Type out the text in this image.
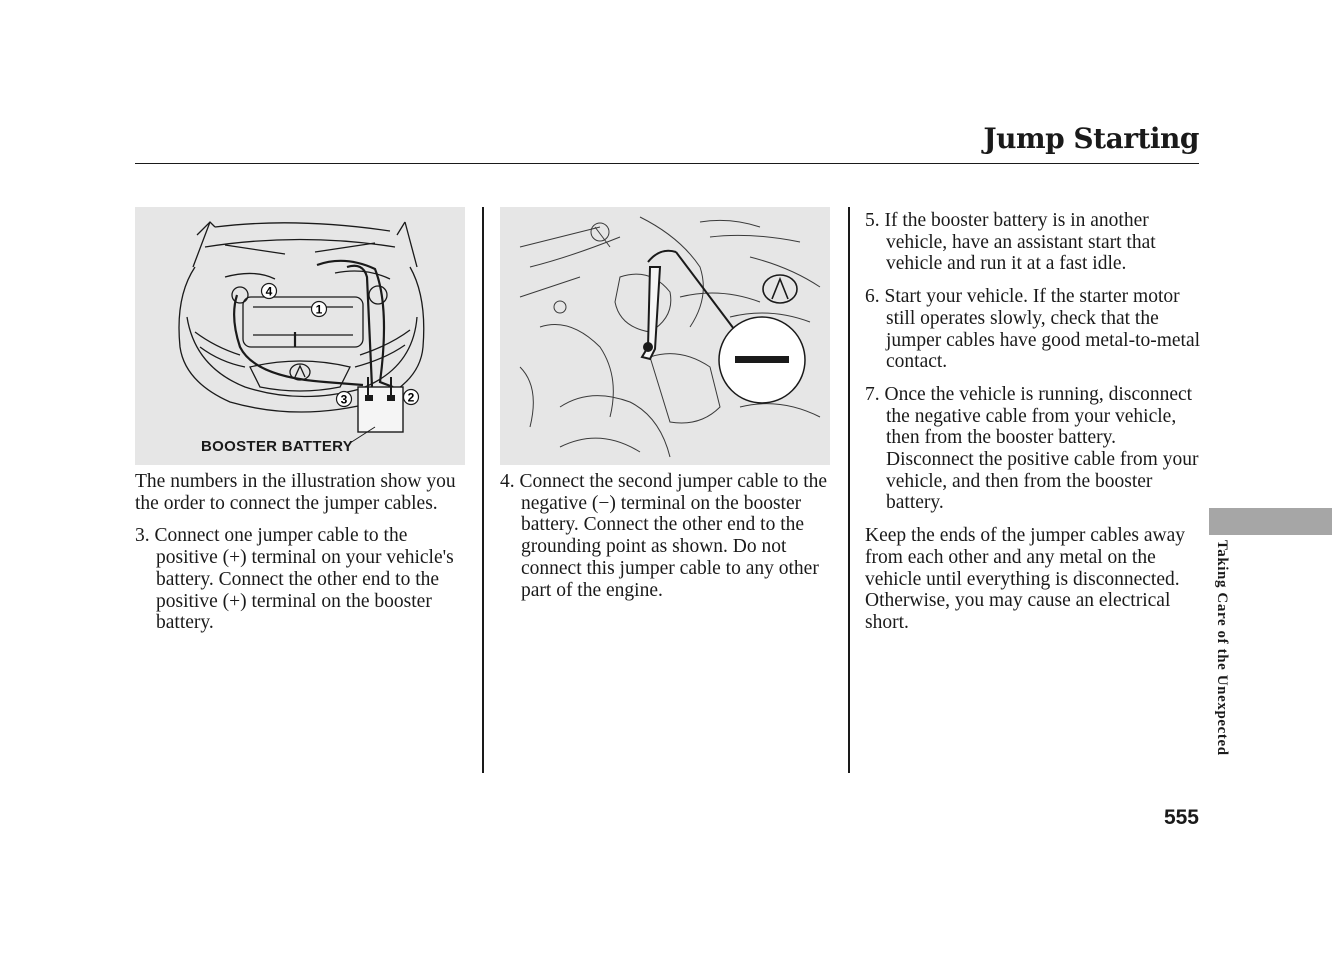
Jump Starting
1
2
3
4
BOOSTER BATTERY

The numbers in the illustration show you the order to connect the jumper cables.

3. Connect one jumper cable to the positive (+) terminal on your vehicle's battery. Connect the other end to the positive (+) terminal on the booster battery.

4. Connect the second jumper cable to the negative (−) terminal on the booster battery. Connect the other end to the grounding point as shown. Do not connect this jumper cable to any other part of the engine.

5. If the booster battery is in another vehicle, have an assistant start that vehicle and run it at a fast idle.

6. Start your vehicle. If the starter motor still operates slowly, check that the jumper cables have good metal-to-metal contact.

7. Once the vehicle is running, disconnect the negative cable from your vehicle, then from the booster battery. Disconnect the positive cable from your vehicle, and then from the booster battery.

Keep the ends of the jumper cables away from each other and any metal on the vehicle until everything is disconnected. Otherwise, you may cause an electrical short.	Taking Care of the Unexpected
555
